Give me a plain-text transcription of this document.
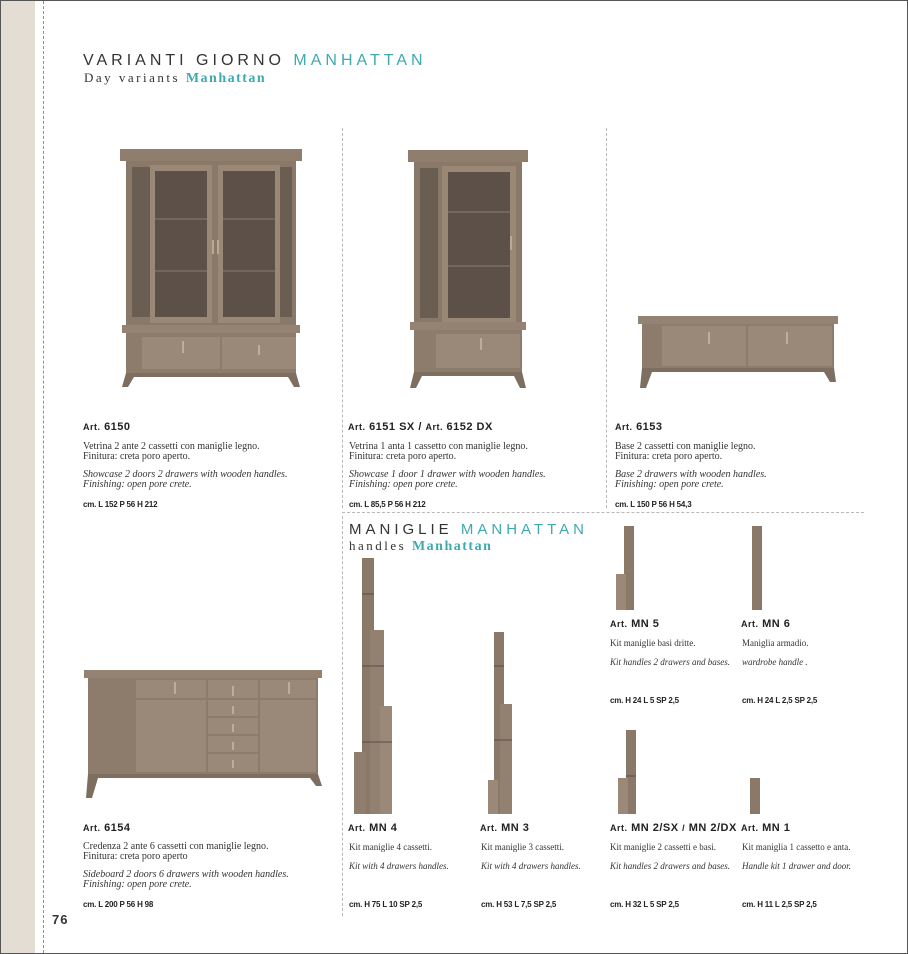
VARIANTI GIORNO MANHATTAN
Day variants Manhattan
Art. 6150
Vetrina 2 ante 2 cassetti con maniglie legno.
Finitura: creta poro aperto.
Showcase 2 doors 2 drawers with wooden handles.
Finishing: open pore crete.
cm. L 152 P 56 H 212
Art. 6151 SX / Art. 6152 DX
Vetrina 1 anta 1 cassetto con maniglie legno.
Finitura: creta poro aperto.
Showcase 1 door 1 drawer with wooden handles.
Finishing: open pore crete.
cm. L 85,5 P 56 H 212
Art. 6153
Base 2 cassetti con maniglie legno.
Finitura: creta poro aperto.
Base 2 drawers with wooden handles.
Finishing: open pore crete.
cm. L 150 P 56 H 54,3
MANIGLIE MANHATTAN
handles Manhattan
Art. 6154
Credenza 2 ante 6 cassetti con maniglie legno.
Finitura: creta poro aperto
Sideboard 2 doors 6 drawers with wooden handles.
Finishing: open pore crete.
cm. L 200 P 56 H 98
Art. MN 5
Kit maniglie basi dritte.
Kit handles 2 drawers and bases.
cm. H 24 L 5 SP 2,5
Art. MN 6
Maniglia armadio.
wardrobe handle .
cm. H 24 L 2,5 SP 2,5
Art. MN 4
Kit maniglie 4 cassetti.
Kit with 4 drawers handles.
cm. H 75 L 10 SP 2,5
Art. MN 3
Kit maniglie 3 cassetti.
Kit with 4 drawers handles.
cm. H 53 L 7,5 SP 2,5
Art. MN 2/SX / MN 2/DX
Kit maniglie 2 cassetti e basi.
Kit handles 2 drawers and bases.
cm. H 32 L 5 SP 2,5
Art. MN 1
Kit maniglia 1 cassetto e anta.
Handle kit 1 drawer and door.
cm. H 11 L 2,5 SP 2,5
76
